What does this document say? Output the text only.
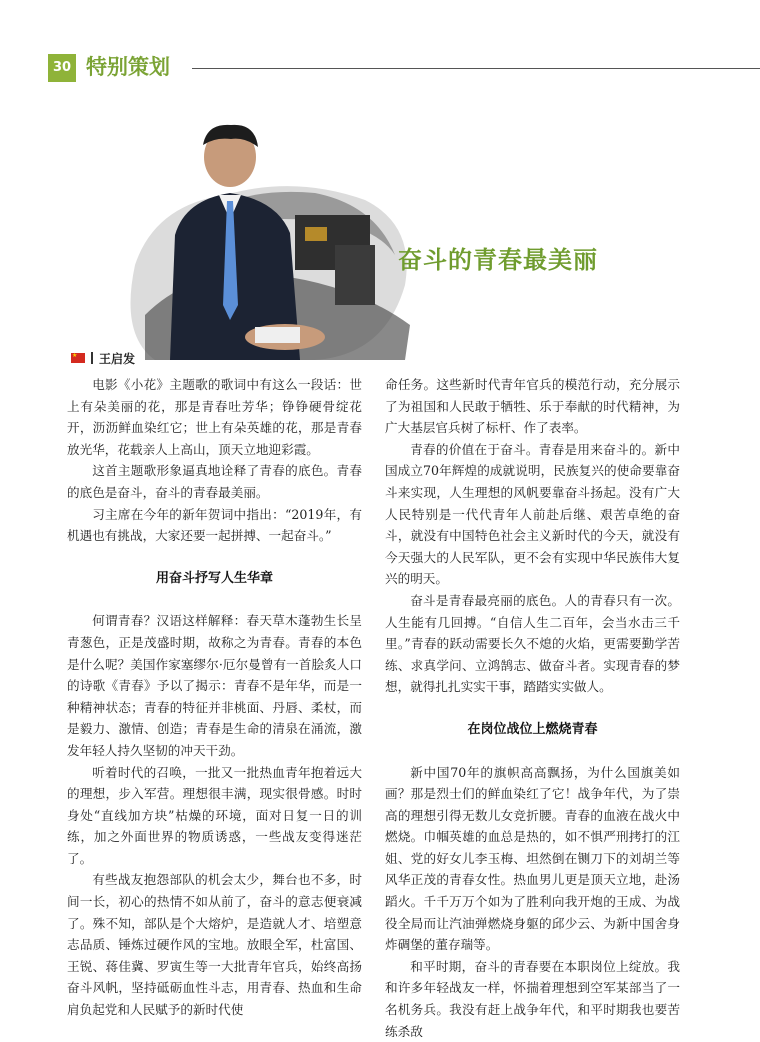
30 特别策划
奋斗的青春最美丽
★
王启发
电影《小花》主题歌的歌词中有这么一段话：世上有朵美丽的花，那是青春吐芳华；铮铮硬骨绽花开，沥沥鲜血染红它；世上有朵英雄的花，那是青春放光华，花载亲人上高山，顶天立地迎彩霞。
这首主题歌形象逼真地诠释了青春的底色。青春的底色是奋斗，奋斗的青春最美丽。
习主席在今年的新年贺词中指出：“2019年，有机遇也有挑战，大家还要一起拼搏、一起奋斗。”
用奋斗抒写人生华章
何谓青春？汉语这样解释：春天草木蓬勃生长呈青葱色，正是茂盛时期，故称之为青春。青春的本色是什么呢？美国作家塞缪尔·厄尔曼曾有一首脍炙人口的诗歌《青春》予以了揭示：青春不是年华，而是一种精神状态；青春的特征并非桃面、丹唇、柔杖，而是毅力、激情、创造；青春是生命的清泉在涌流，激发年轻人持久坚韧的冲天干劲。
听着时代的召唤，一批又一批热血青年抱着远大的理想，步入军营。理想很丰满，现实很骨感。时时身处“直线加方块”枯燥的环境，面对日复一日的训练，加之外面世界的物质诱惑，一些战友变得迷茫了。
有些战友抱怨部队的机会太少，舞台也不多，时间一长，初心的热情不如从前了，奋斗的意志便衰减了。殊不知，部队是个大熔炉，是造就人才、培塑意志品质、锤炼过硬作风的宝地。放眼全军，杜富国、王锐、蒋佳冀、罗寅生等一大批青年官兵，始终高扬奋斗风帆，坚持砥砺血性斗志，用青春、热血和生命肩负起党和人民赋予的新时代使
命任务。这些新时代青年官兵的模范行动，充分展示了为祖国和人民敢于牺牲、乐于奉献的时代精神，为广大基层官兵树了标杆、作了表率。
青春的价值在于奋斗。青春是用来奋斗的。新中国成立70年辉煌的成就说明，民族复兴的使命要靠奋斗来实现，人生理想的风帆要靠奋斗扬起。没有广大人民特别是一代代青年人前赴后继、艰苦卓绝的奋斗，就没有中国特色社会主义新时代的今天，就没有今天强大的人民军队，更不会有实现中华民族伟大复兴的明天。
奋斗是青春最亮丽的底色。人的青春只有一次。人生能有几回搏。“自信人生二百年，会当水击三千里。”青春的跃动需要长久不熄的火焰，更需要勤学苦练、求真学问、立鸿鹄志、做奋斗者。实现青春的梦想，就得扎扎实实干事，踏踏实实做人。
在岗位战位上燃烧青春
新中国70年的旗帜高高飘扬，为什么国旗美如画？那是烈士们的鲜血染红了它！战争年代，为了崇高的理想引得无数儿女竞折腰。青春的血液在战火中燃烧。巾帼英雄的血总是热的，如不惧严刑拷打的江姐、党的好女儿李玉梅、坦然倒在铡刀下的刘胡兰等风华正茂的青春女性。热血男儿更是顶天立地，赴汤蹈火。千千万万个如为了胜利向我开炮的王成、为战役全局而让汽油弹燃烧身躯的邱少云、为新中国舍身炸碉堡的董存瑞等。
和平时期，奋斗的青春要在本职岗位上绽放。我和许多年轻战友一样，怀揣着理想到空军某部当了一名机务兵。我没有赶上战争年代，和平时期我也要苦练杀敌
